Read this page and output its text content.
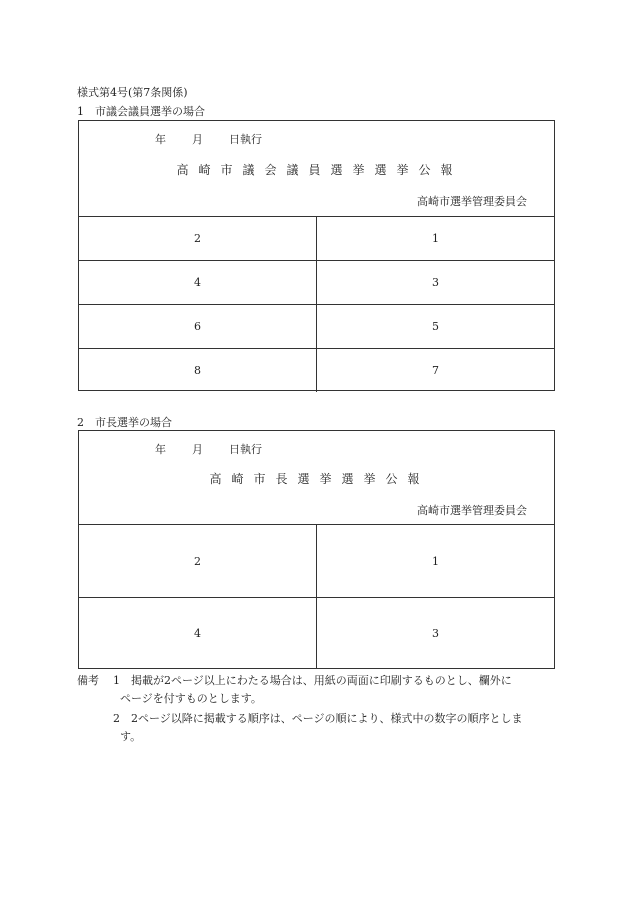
様式第4号(第7条関係)
1　市議会議員選挙の場合
年 月 日執行
高崎市議会議員選挙選挙公報
高崎市選挙管理委員会
2	1
4	3
6	5
8	7
2　市長選挙の場合
年 月 日執行
高崎市長選挙選挙公報
高崎市選挙管理委員会
2	1
4	3
備考 1 掲載が2ページ以上にわたる場合は、用紙の両面に印刷するものとし、欄外に
ページを付すものとします。
2 2ページ以降に掲載する順序は、ページの順により、様式中の数字の順序としま
す。
